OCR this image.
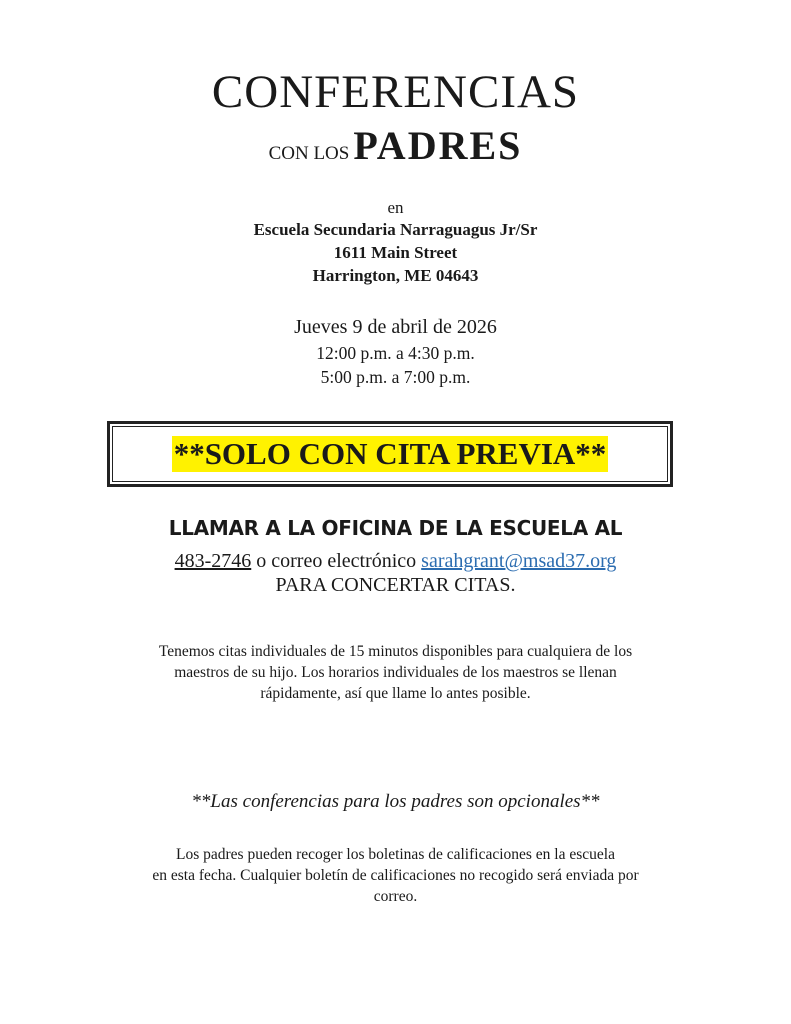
CONFERENCIAS
CON LOS PADRES
en
Escuela Secundaria Narraguagus Jr/Sr
1611 Main Street
Harrington, ME 04643
Jueves 9 de abril de 2026
12:00 p.m. a 4:30 p.m.
5:00 p.m. a 7:00 p.m.
**SOLO CON CITA PREVIA**
LLAMAR A LA OFICINA DE LA ESCUELA AL
483-2746 o correo electrónico sarahgrant@msad37.org
PARA CONCERTAR CITAS.
Tenemos citas individuales de 15 minutos disponibles para cualquiera de los
maestros de su hijo. Los horarios individuales de los maestros se llenan
rápidamente, así que llame lo antes posible.
**Las conferencias para los padres son opcionales**
Los padres pueden recoger los boletinas de calificaciones en la escuela
en esta fecha. Cualquier boletín de calificaciones no recogido será enviada por
correo.
